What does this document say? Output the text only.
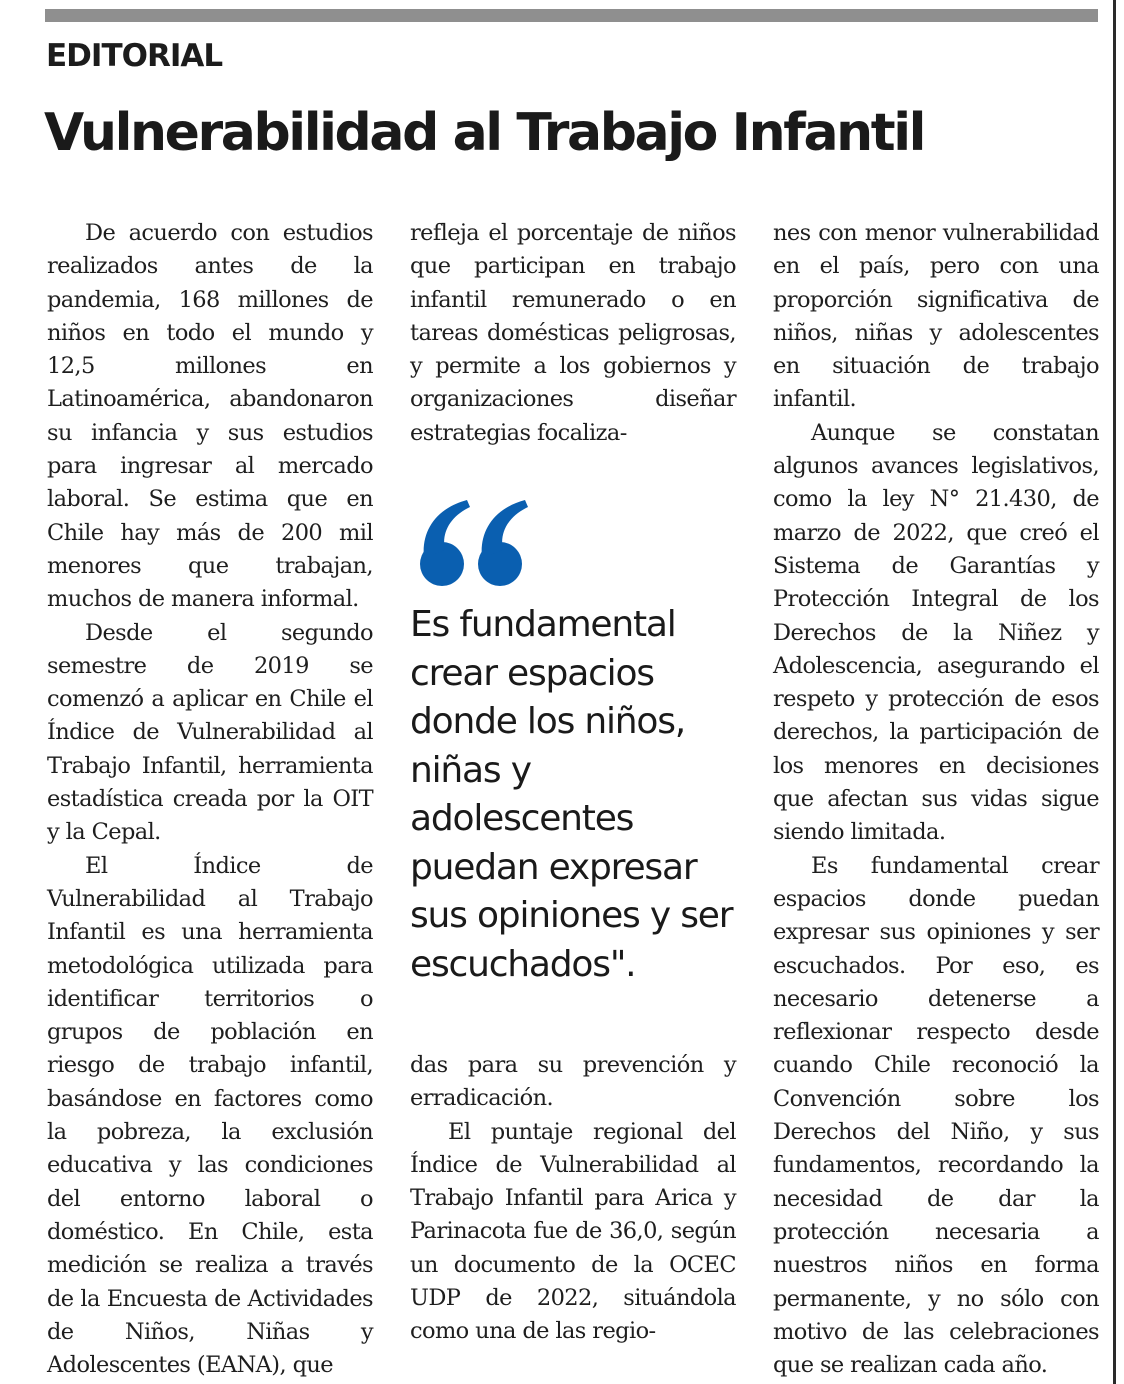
EDITORIAL
Vulnerabilidad al Trabajo Infantil

De acuerdo con estudios realizados antes de la pandemia, 168 millones de niños en todo el mundo y 12,5 millones en Latinoamérica, abandonaron su infancia y sus estudios para ingresar al mercado laboral. Se estima que en Chile hay más de 200 mil menores que trabajan, muchos de manera informal.

Desde el segundo semestre de 2019 se comenzó a aplicar en Chile el Índice de Vulnerabilidad al Trabajo Infantil, herramienta estadística creada por la OIT y la Cepal.

El Índice de Vulnerabilidad al Trabajo Infantil es una herramienta metodológica utilizada para identificar territorios o grupos de población en riesgo de trabajo infantil, basándose en factores como la pobreza, la exclusión educativa y las condiciones del entorno laboral o doméstico. En Chile, esta medición se realiza a través de la Encuesta de Actividades de Niños, Niñas y Adolescentes (EANA), que

refleja el porcentaje de niños que participan en trabajo infantil remunerado o en tareas domésticas peligrosas, y permite a los gobiernos y organizaciones diseñar estrategias focaliza-

Es fundamental crear espacios donde los niños, niñas y adolescentes puedan expresar sus opiniones y ser escuchados".

das para su prevención y erradicación.

El puntaje regional del Índice de Vulnerabilidad al Trabajo Infantil para Arica y Parinacota fue de 36,0, según un documento de la OCEC UDP de 2022, situándola como una de las regio-

nes con menor vulnerabilidad en el país, pero con una proporción significativa de niños, niñas y adolescentes en situación de trabajo infantil.

Aunque se constatan algunos avances legislativos, como la ley N° 21.430, de marzo de 2022, que creó el Sistema de Garantías y Protección Integral de los Derechos de la Niñez y Adolescencia, asegurando el respeto y protección de esos derechos, la participación de los menores en decisiones que afectan sus vidas sigue siendo limitada.

Es fundamental crear espacios donde puedan expresar sus opiniones y ser escuchados. Por eso, es necesario detenerse a reflexionar respecto desde cuando Chile reconoció la Convención sobre los Derechos del Niño, y sus fundamentos, recordando la necesidad de dar la protección necesaria a nuestros niños en forma permanente, y no sólo con motivo de las celebraciones que se realizan cada año.
